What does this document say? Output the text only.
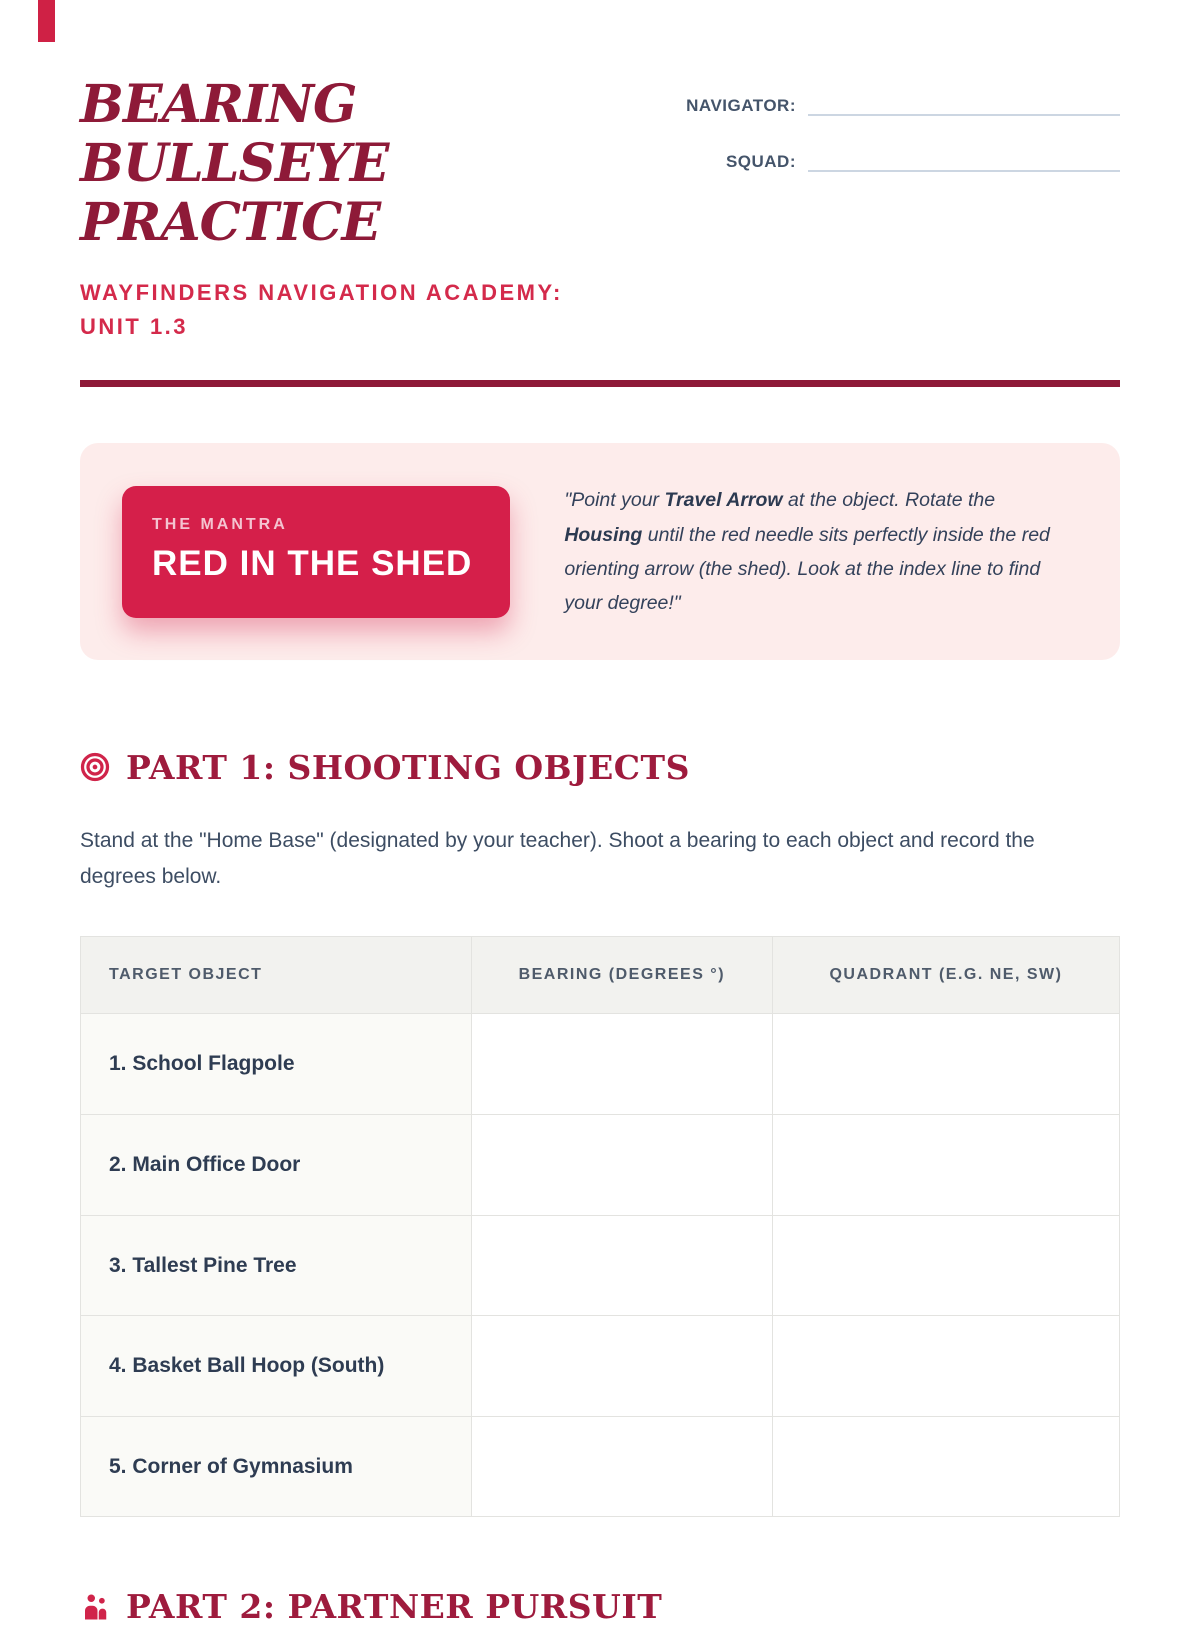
BEARING BULLSEYE
PRACTICE
WAYFINDERS NAVIGATION ACADEMY:
UNIT 1.3
NAVIGATOR:
SQUAD:
THE MANTRA
RED IN THE SHED

"Point your Travel Arrow at the object. Rotate the Housing until the red needle sits perfectly inside the red orienting arrow (the shed). Look at the index line to find your degree!"

PART 1: SHOOTING OBJECTS

Stand at the "Home Base" (designated by your teacher). Shoot a bearing to each object and record the degrees below.

TARGET OBJECT	BEARING (DEGREES °)	QUADRANT (E.G. NE, SW)
1. School Flagpole		
2. Main Office Door		
3. Tallest Pine Tree		
4. Basket Ball Hoop (South)		
5. Corner of Gymnasium		
PART 2: PARTNER PURSUIT
